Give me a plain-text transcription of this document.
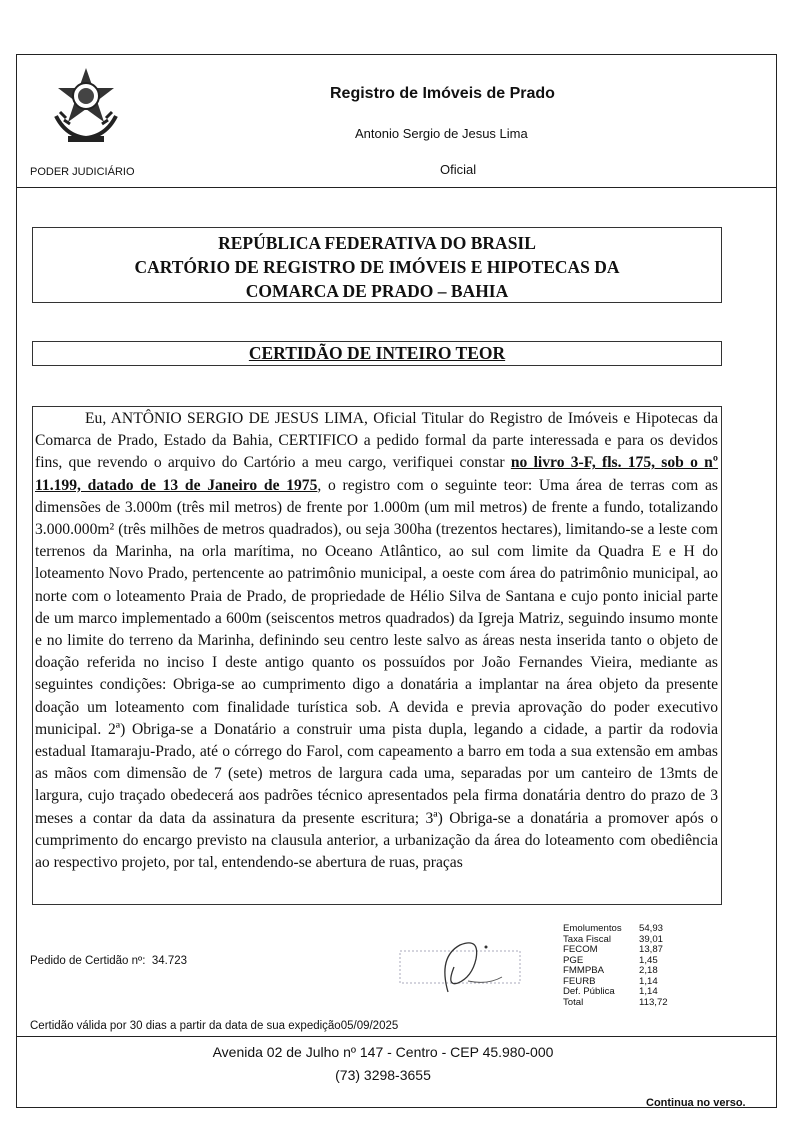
PODER JUDICIÁRIO
Registro de Imóveis de Prado
Antonio Sergio de Jesus Lima
Oficial
REPÚBLICA FEDERATIVA DO BRASIL
CARTÓRIO DE REGISTRO DE IMÓVEIS E HIPOTECAS DA
COMARCA DE PRADO – BAHIA
CERTIDÃO DE INTEIRO TEOR

Eu, ANTÔNIO SERGIO DE JESUS LIMA, Oficial Titular do Registro de Imóveis e Hipotecas da Comarca de Prado, Estado da Bahia, CERTIFICO a pedido formal da parte interessada e para os devidos fins, que revendo o arquivo do Cartório a meu cargo, verifiquei constar no livro 3-F, fls. 175, sob o nº 11.199, datado de 13 de Janeiro de 1975, o registro com o seguinte teor: Uma área de terras com as dimensões de 3.000m (três mil metros) de frente por 1.000m (um mil metros) de frente a fundo, totalizando 3.000.000m² (três milhões de metros quadrados), ou seja 300ha (trezentos hectares), limitando-se a leste com terrenos da Marinha, na orla marítima, no Oceano Atlântico, ao sul com limite da Quadra E e H do loteamento Novo Prado, pertencente ao patrimônio municipal, a oeste com área do patrimônio municipal, ao norte com o loteamento Praia de Prado, de propriedade de Hélio Silva de Santana e cujo ponto inicial parte de um marco implementado a 600m (seiscentos metros quadrados) da Igreja Matriz, seguindo insumo monte e no limite do terreno da Marinha, definindo seu centro leste salvo as áreas nesta inserida tanto o objeto de doação referida no inciso I deste antigo quanto os possuídos por João Fernandes Vieira, mediante as seguintes condições: Obriga-se ao cumprimento digo a donatária a implantar na área objeto da presente doação um loteamento com finalidade turística sob. A devida e previa aprovação do poder executivo municipal. 2ª) Obriga-se a Donatário a construir uma pista dupla, legando a cidade, a partir da rodovia estadual Itamaraju-Prado, até o córrego do Farol, com capeamento a barro em toda a sua extensão em ambas as mãos com dimensão de 7 (sete) metros de largura cada uma, separadas por um canteiro de 13mts de largura, cujo traçado obedecerá aos padrões técnico apresentados pela firma donatária dentro do prazo de 3 meses a contar da data da assinatura da presente escritura; 3ª) Obriga-se a donatária a promover após o cumprimento do encargo previsto na clausula anterior, a urbanização da área do loteamento com obediência ao respectivo projeto, por tal, entendendo-se abertura de ruas, praças

Pedido de Certidão nº: 34.723
Emolumentos	54,93
Taxa Fiscal	39,01
FECOM	13,87
PGE	1,45
FMMPBA	2,18
FEURB	1,14
Def. Pública	1,14
Total	113,72
Certidão válida por 30 dias a partir da data de sua expedição05/09/2025
Avenida 02 de Julho nº 147 - Centro - CEP 45.980-000
(73) 3298-3655
Continua no verso.
